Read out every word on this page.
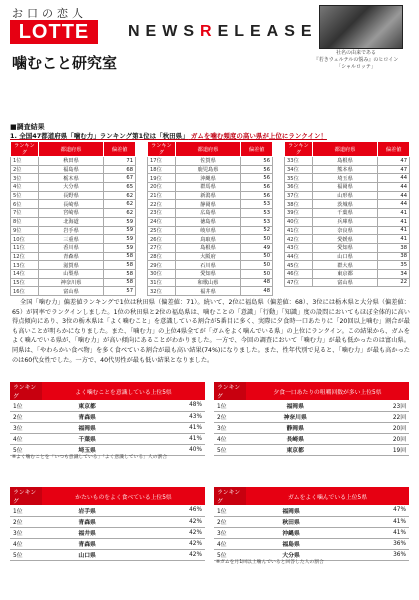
お口の恋人
LOTTE	NEWSRELEASE
噛むこと研究室
社名の由来である
『若きウェルテルの悩み』のヒロイン
「シャルロッテ」
■調査結果
1. 全国47都道府県「噛む力」ランキング第1位は「秋田県」 ガムを噛む頻度の高い県が上位にランクイン！
ランキング	都道府県	偏差値
1位	秋田県	71
2位	福島県	68
3位	栃木県	67
4位	大分県	65
5位	長野県	62
6位	長崎県	62
7位	宮崎県	62
8位	北海道	59
9位	岩手県	59
10位	三重県	59
11位	香川県	59
12位	青森県	58
13位	滋賀県	58
14位	山梨県	58
15位	神奈川県	58
16位	富山県	57
ランキング	都道府県	偏差値
17位	佐賀県	56
18位	鹿児島県	56
19位	沖縄県	56
20位	群馬県	56
21位	新潟県	56
22位	静岡県	53
23位	広島県	53
24位	徳島県	53
25位	岐阜県	52
26位	鳥取県	50
27位	島根県	49
28位	大阪府	50
29位	石川県	50
30位	愛知県	50
31位	和歌山県	48
32位	福井県	48
ランキング	都道府県	偏差値
33位	島根県	47
34位	熊本県	47
35位	埼玉県	44
36位	福岡県	44
37位	山形県	44
38位	茨城県	44
39位	千葉県	41
40位	兵庫県	41
41位	奈良県	41
42位	愛媛県	41
43位	愛知県	38
44位	山口県	38
45位	群大県	35
46位	東京都	34
47位	富山県	22

全国「噛む力」偏差値ランキングで1位は秋田県（偏差値：71）。続いて、2位に福島県（偏差値：68）、3位には栃木県と大分県（偏差値：65）が同率でランクインしました。1位の秋田県と2位の福島県は、噛むことの「意識」「行動」「知識」度の設問においてもほぼ全体的に高い得点傾向にあり、3位の栃木県は「よく噛むこと」を意識している割合が5番目に多く、実際に夕食時一口あたりに「20回以上噛む」割合が最も高いことが明らかになりました。また、「噛む力」の上位4県全てが「ガムをよく噛んでいる県」の上位にランクイン。この結果から、ガムをよく噛んでいる県が、「噛む力」が高い傾向にあることがわかりました。一方で、今回の調査において「噛む力」が最も低かったのは富山県。同県は、「やわらかい食べ物」を多く食べている割合が最も高い結果(74%)になりました。また、性年代別で見ると、「噛む力」が最も高かったのは60代女性でした。一方で、40代男性が最も低い結果となりました。

ランキング	よく噛むことを意識している上位5県	
1位	東京都	48%
2位	青森県	43%
3位	福岡県	41%
4位	千葉県	41%
5位	埼玉県	40%
※よく噛むことを「いつも意識している」「よく意識している」人の割合
ランキング	夕食一口あたりの咀嚼回数が多い上位5県	
1位	福岡県	23回
2位	神奈川県	22回
3位	静岡県	20回
4位	長崎県	20回
5位	東京都	19回
ランキング	かたいものをよく食べている上位5県	
1位	岩手県	46%
2位	青森県	42%
3位	福井県	42%
4位	青森県	42%
5位	山口県	42%
ランキング	ガムをよく噛んでいる上位5県	
1位	福岡県	47%
2位	秋田県	41%
3位	沖縄県	41%
4位	福島県	36%
5位	大分県	36%
※ガムを月1回以上噛んでいると回答した人の割合
